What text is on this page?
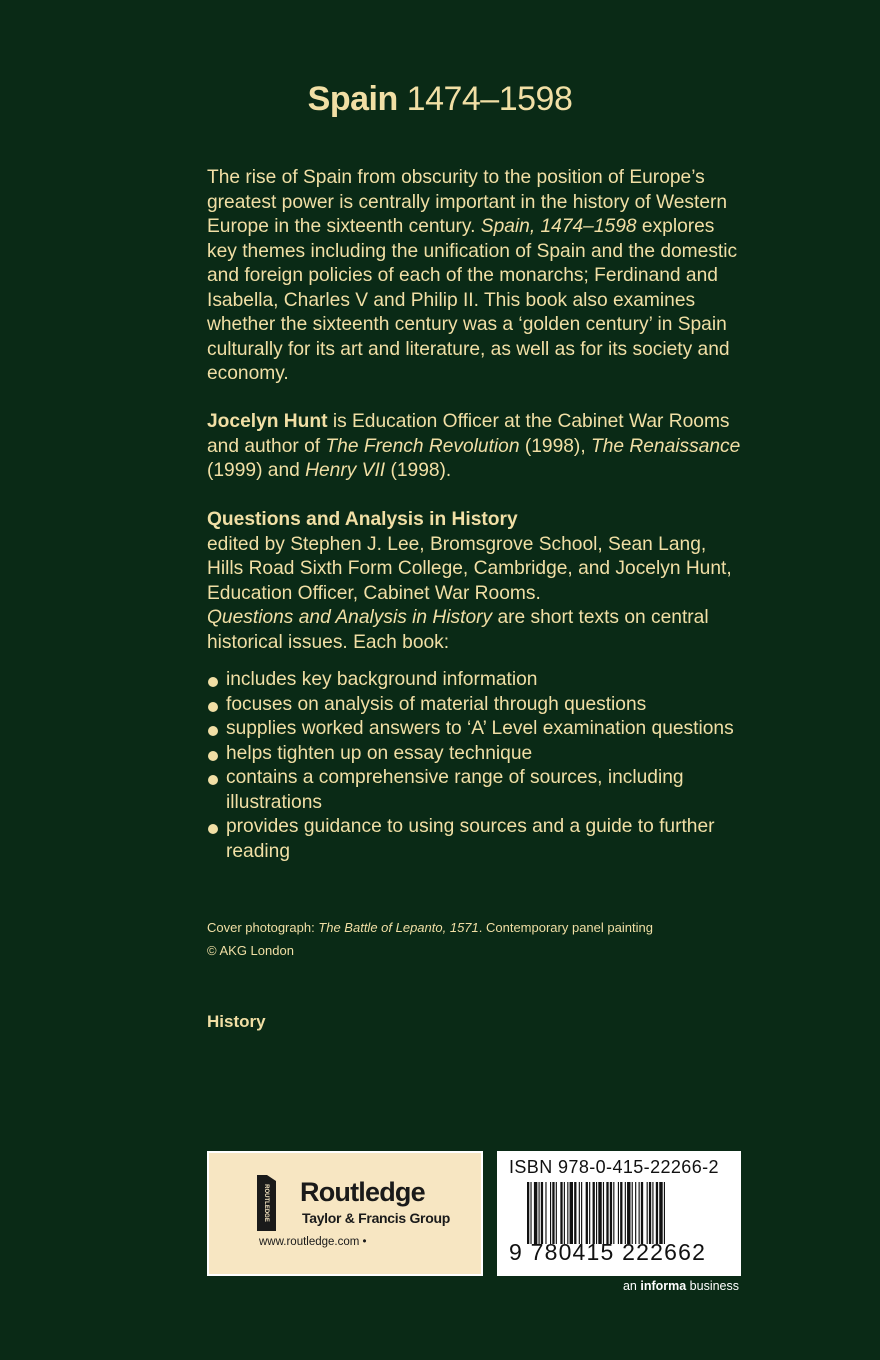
Spain 1474–1598
The rise of Spain from obscurity to the position of Europe’s greatest power is centrally important in the history of Western Europe in the sixteenth century. Spain, 1474–1598 explores key themes including the unification of Spain and the domestic and foreign policies of each of the monarchs; Ferdinand and Isabella, Charles V and Philip II. This book also examines whether the sixteenth century was a ‘golden century’ in Spain culturally for its art and literature, as well as for its society and economy.
Jocelyn Hunt is Education Officer at the Cabinet War Rooms and author of The French Revolution (1998), The Renaissance (1999) and Henry VII (1998).
Questions and Analysis in History
edited by Stephen J. Lee, Bromsgrove School, Sean Lang, Hills Road Sixth Form College, Cambridge, and Jocelyn Hunt, Education Officer, Cabinet War Rooms.
Questions and Analysis in History are short texts on central historical issues. Each book:
includes key background information
focuses on analysis of material through questions
supplies worked answers to ‘A’ Level examination questions
helps tighten up on essay technique
contains a comprehensive range of sources, including illustrations
provides guidance to using sources and a guide to further reading
Cover photograph: The Battle of Lepanto, 1571. Contemporary panel painting
© AKG London
History
ROUTLEDGE Routledge
Taylor & Francis Group
www.routledge.com •
ISBN 978-0-415-22266-2
9 780415 222662
an informa business
